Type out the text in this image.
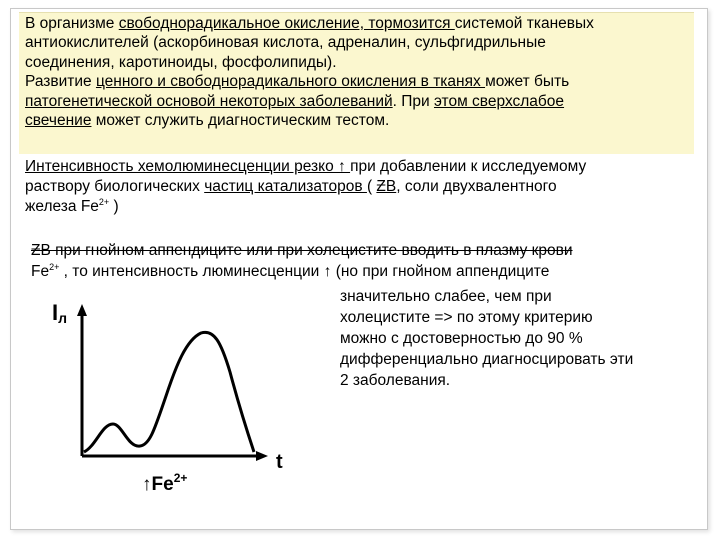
В организме свободнорадикальное окисление, тормозится системой тканевых
антиокислителей (аскорбиновая кислота, адреналин, сульфгидрильные
соединения, каротиноиды, фосфолипиды).
Развитие ценного и свободнорадикального окисления в тканях может быть
патогенетической основой некоторых заболеваний. При этом сверхслабое
свечение может служить диагностическим тестом.
Интенсивность хемолюминесценции резко ↑ при добавлении к исследуемому
раствору биологических частиц катализаторов ( ƵВ, соли двухвалентного
железа $Fe^{2+}$ )
ƵВ при гнойном аппендиците или при холецистите вводить в плазму крови
$Fe^{2+}$ , то интенсивность люминесценции ↑ (но при гнойном аппендиците
значительно слабее, чем при
холецистите => по этому критерию
можно с достоверностью до 90 %
дифференциально диагносцировать эти
2 заболевания.
$I_л$
t
$↑Fe^{2+}$
